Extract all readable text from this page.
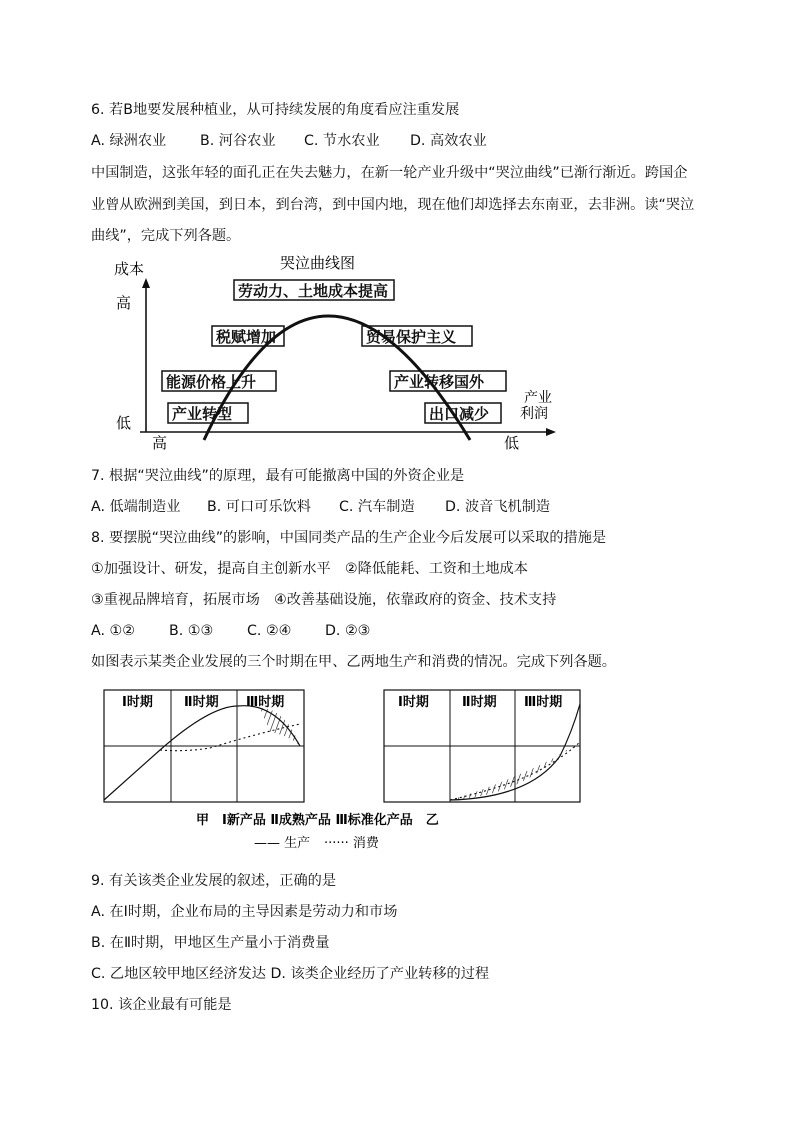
6. 若B地要发展种植业，从可持续发展的角度看应注重发展
A. 绿洲农业 B. 河谷农业 C. 节水农业 D. 高效农业
中国制造，这张年轻的面孔正在失去魅力，在新一轮产业升级中“哭泣曲线”已渐行渐近。跨国企
业曾从欧洲到美国，到日本，到台湾，到中国内地，现在他们却选择去东南亚，去非洲。读“哭泣
曲线”，完成下列各题。
哭泣曲线图
成本
高
低
高	低
产业
利润
劳动力、土地成本提高
税赋增加	贸易保护主义
能源价格上升	产业转移国外
产业转型	出口减少
7. 根据“哭泣曲线”的原理，最有可能撤离中国的外资企业是
A. 低端制造业 B. 可口可乐饮料 C. 汽车制造 D. 波音飞机制造
8. 要摆脱“哭泣曲线”的影响，中国同类产品的生产企业今后发展可以采取的措施是
①加强设计、研发，提高自主创新水平　②降低能耗、工资和土地成本
③重视品牌培育，拓展市场　④改善基础设施，依靠政府的资金、技术支持
A. ①② B. ①③ C. ②④ D. ②③
如图表示某类企业发展的三个时期在甲、乙两地生产和消费的情况。完成下列各题。
Ⅰ时期 Ⅱ时期 Ⅲ时期	Ⅰ时期	Ⅱ时期 Ⅲ时期
甲　Ⅰ新产品 Ⅱ成熟产品 Ⅲ标准化产品　乙
—— 生产 ······ 消费
9. 有关该类企业发展的叙述，正确的是
A. 在Ⅰ时期，企业布局的主导因素是劳动力和市场
B. 在Ⅱ时期，甲地区生产量小于消费量
C. 乙地区较甲地区经济发达 D. 该类企业经历了产业转移的过程
10. 该企业最有可能是
